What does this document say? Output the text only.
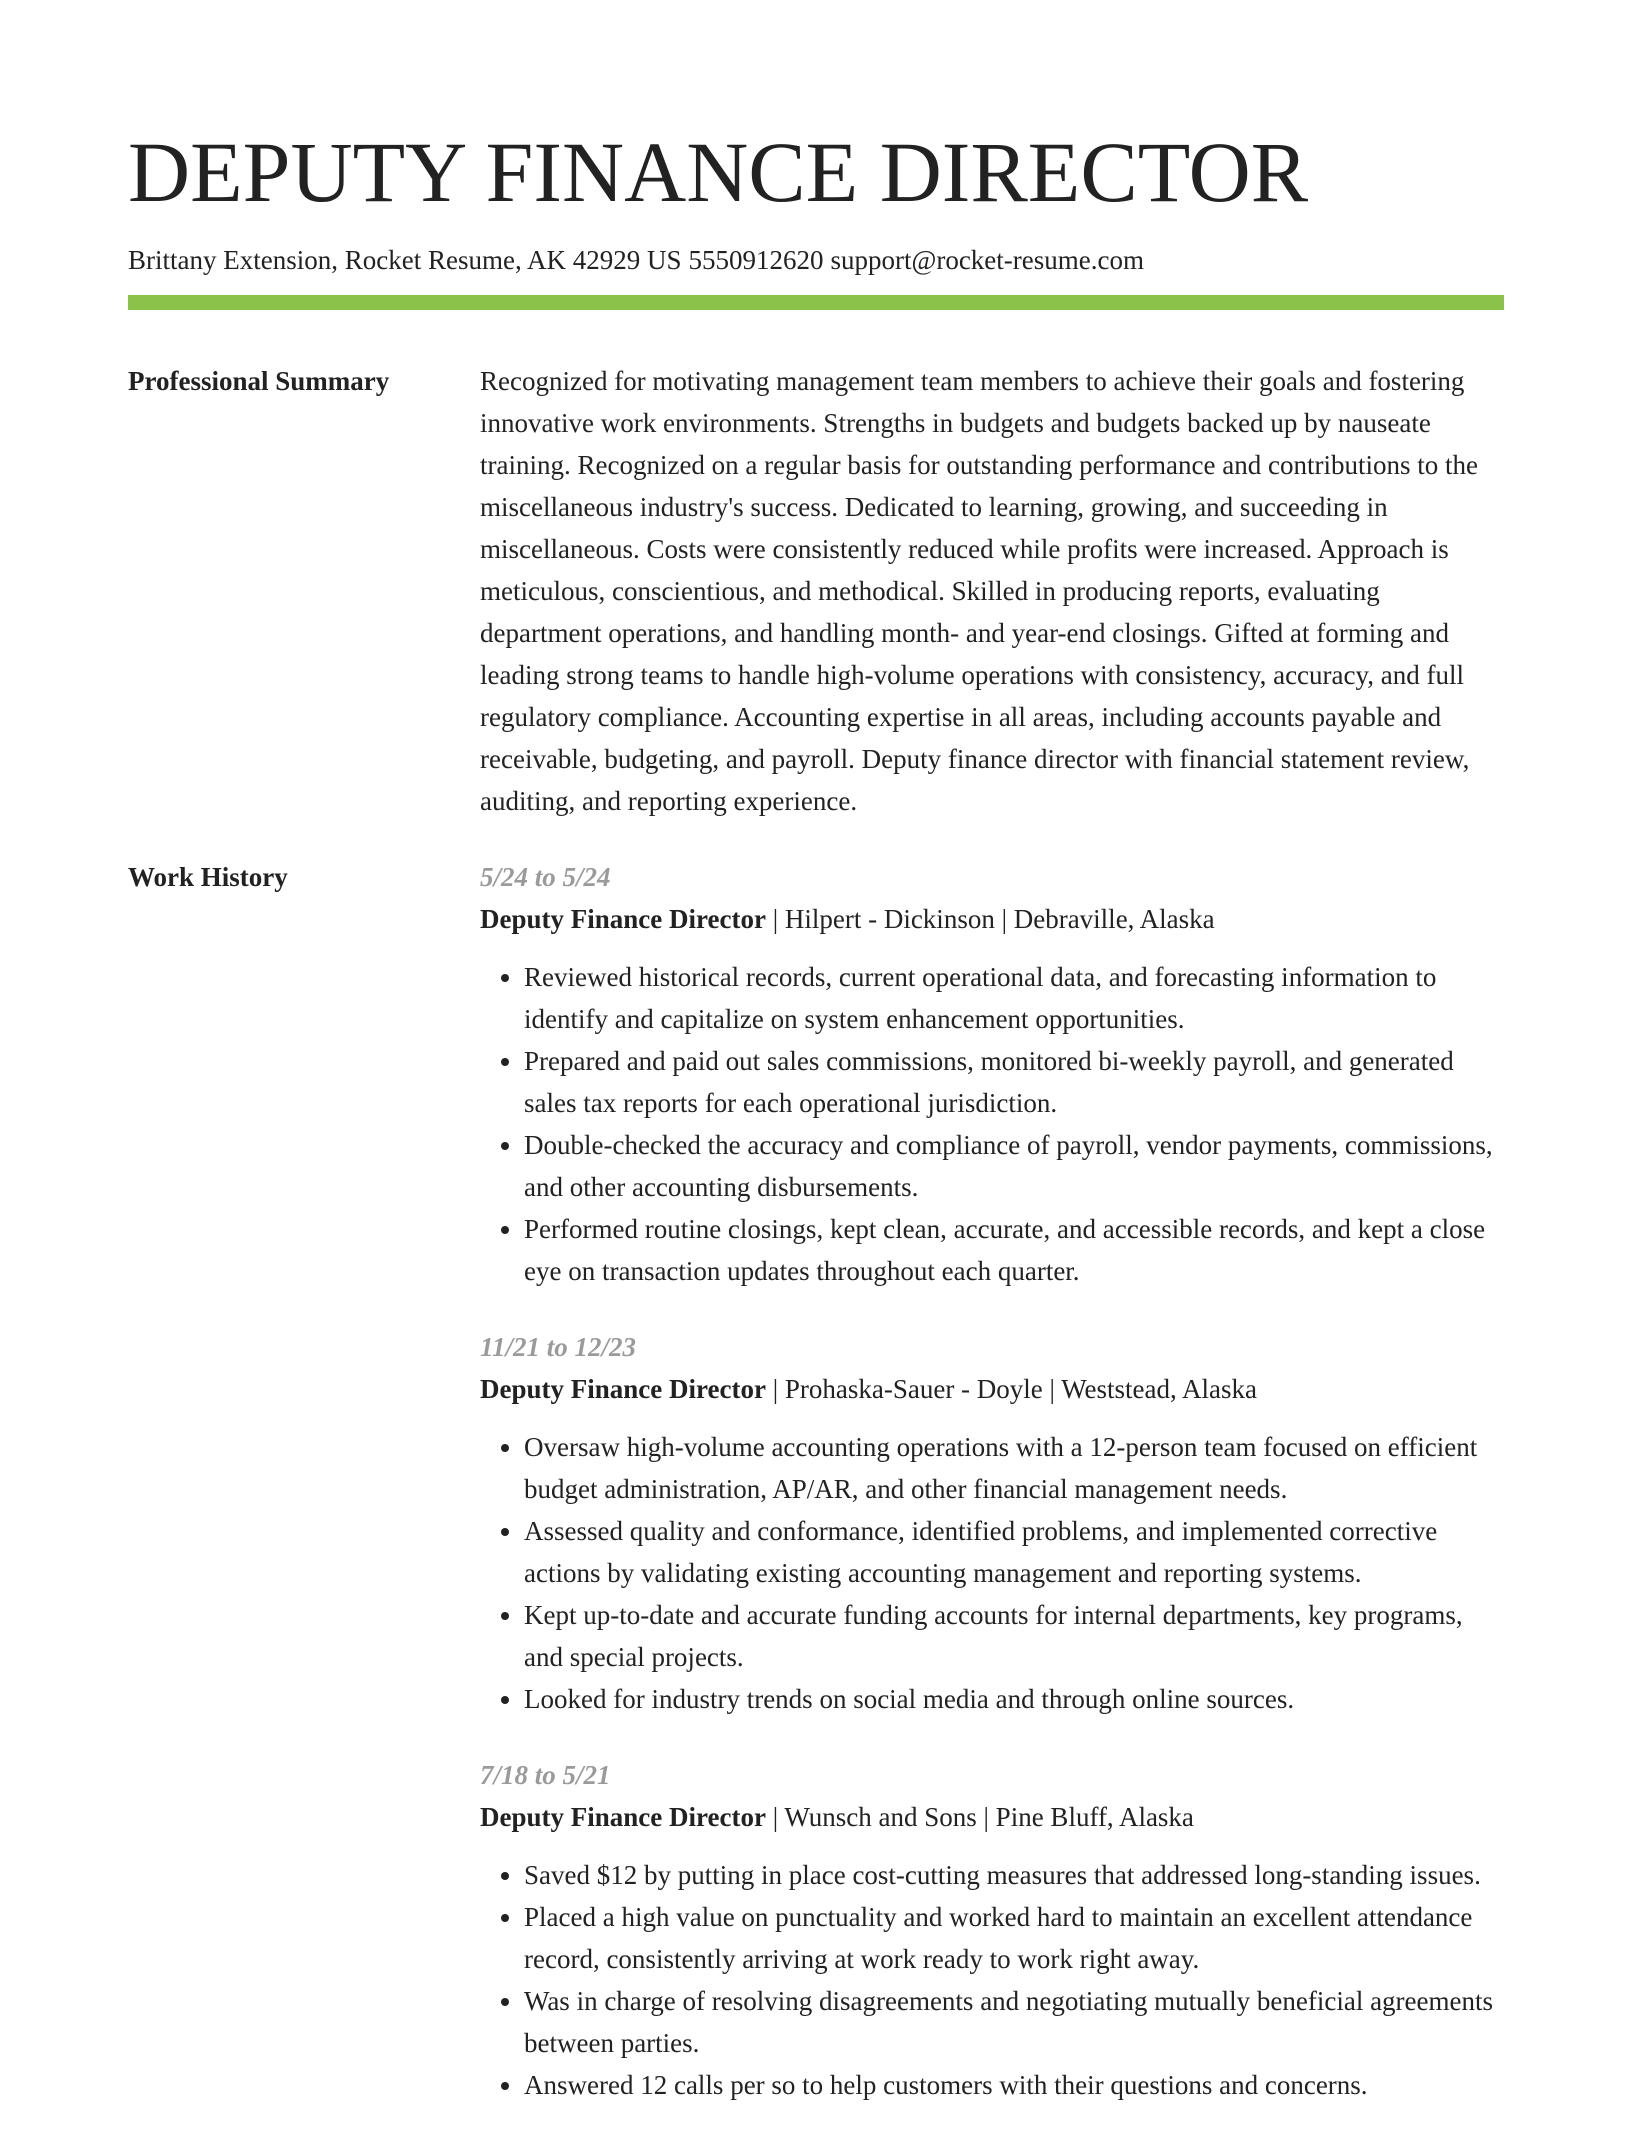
DEPUTY FINANCE DIRECTOR
Brittany Extension, Rocket Resume, AK 42929 US 5550912620 support@rocket-resume.com
Professional Summary	Recognized for motivating management team members to achieve their goals and fostering innovative work environments. Strengths in budgets and budgets backed up by nauseate training. Recognized on a regular basis for outstanding performance and contributions to the miscellaneous industry's success. Dedicated to learning, growing, and succeeding in miscellaneous. Costs were consistently reduced while profits were increased. Approach is meticulous, conscientious, and methodical. Skilled in producing reports, evaluating department operations, and handling month- and year-end closings. Gifted at forming and leading strong teams to handle high-volume operations with consistency, accuracy, and full regulatory compliance. Accounting expertise in all areas, including accounts payable and receivable, budgeting, and payroll. Deputy finance director with financial statement review, auditing, and reporting experience.
Work History	5/24 to 5/24
Deputy Finance Director | Hilpert - Dickinson | Debraville, Alaska
• Reviewed historical records, current operational data, and forecasting information to identify and capitalize on system enhancement opportunities.
• Prepared and paid out sales commissions, monitored bi-weekly payroll, and generated sales tax reports for each operational jurisdiction.
• Double-checked the accuracy and compliance of payroll, vendor payments, commissions, and other accounting disbursements.
• Performed routine closings, kept clean, accurate, and accessible records, and kept a close eye on transaction updates throughout each quarter.
11/21 to 12/23
Deputy Finance Director | Prohaska-Sauer - Doyle | Weststead, Alaska
• Oversaw high-volume accounting operations with a 12-person team focused on efficient budget administration, AP/AR, and other financial management needs.
• Assessed quality and conformance, identified problems, and implemented corrective actions by validating existing accounting management and reporting systems.
• Kept up-to-date and accurate funding accounts for internal departments, key programs, and special projects.
• Looked for industry trends on social media and through online sources.
7/18 to 5/21
Deputy Finance Director | Wunsch and Sons | Pine Bluff, Alaska
• Saved $12 by putting in place cost-cutting measures that addressed long-standing issues.
• Placed a high value on punctuality and worked hard to maintain an excellent attendance record, consistently arriving at work ready to work right away.
• Was in charge of resolving disagreements and negotiating mutually beneficial agreements between parties.
• Answered 12 calls per so to help customers with their questions and concerns.
